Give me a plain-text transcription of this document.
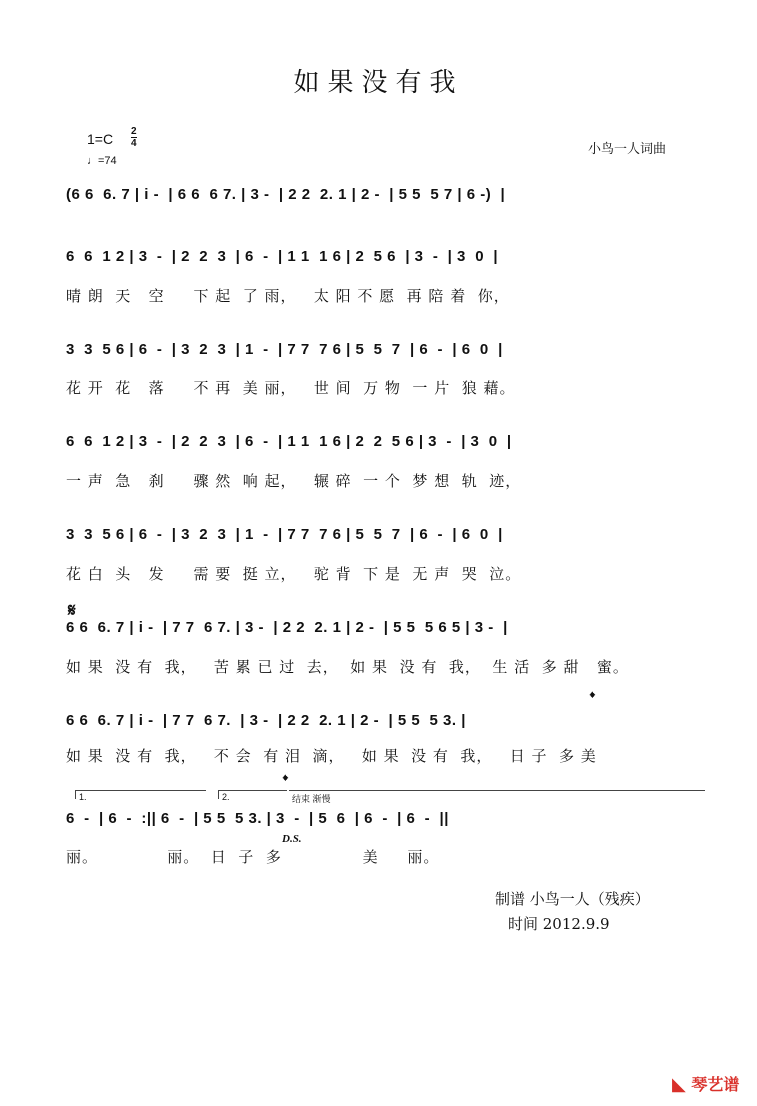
如果没有我
1=C 2
4
♩=74
小鸟一人词曲
(6 6  6. 7 | i -  | 6 6  6 7. | 3 -  | 2 2  2. 1 | 2 -  | 5 5  5 7 | 6 -)  |
6  6  1 2 | 3  -  | 2  2  3  | 6  -  | 1 1  1 6 | 2  5 6  | 3  -  | 3  0  |
晴 朗  天   空     下 起  了 雨，   太 阳 不 愿  再 陪 着  你，
3  3  5 6 | 6  -  | 3  2  3  | 1  -  | 7 7  7 6 | 5  5  7  | 6  -  | 6  0  |
花 开  花   落     不 再  美 丽，   世 间  万 物  一 片  狼 藉。
6  6  1 2 | 3  -  | 2  2  3  | 6  -  | 1 1  1 6 | 2  2  5 6 | 3  -  | 3  0  |
一 声  急   刹     骤 然  响 起，   辗 碎  一 个  梦 想  轨  迹，
3  3  5 6 | 6  -  | 3  2  3  | 1  -  | 7 7  7 6 | 5  5  7  | 6  -  | 6  0  |
花 白  头   发     需 要  挺 立，   驼 背  下 是  无 声  哭  泣。
𝄋
6 6  6. 7 | i -  | 7 7  6 7. | 3 -  | 2 2  2. 1 | 2 -  | 5 5  5 6 5 | 3 -  |
如 果  没 有  我，   苦 累 已 过  去，  如 果  没 有  我，  生 活  多 甜   蜜。
𝄌
6 6  6. 7 | i -  | 7 7  6 7.  | 3 -  | 2 2  2. 1 | 2 -  | 5 5  5 3. |
如 果  没 有  我，   不 会  有 泪  滴，   如 果  没 有  我，   日 子  多 美
1.	2.
𝄌
结束 渐慢
6  -  | 6  -  :|| 6  -  | 5 5  5 3. | 3  -  | 5  6  | 6  -  | 6  -  ||
D.S.
丽。            丽。  日  子  多              美     丽。
制谱 小鸟一人（残疾）
时间 2012.9.9
◣ 琴艺谱
